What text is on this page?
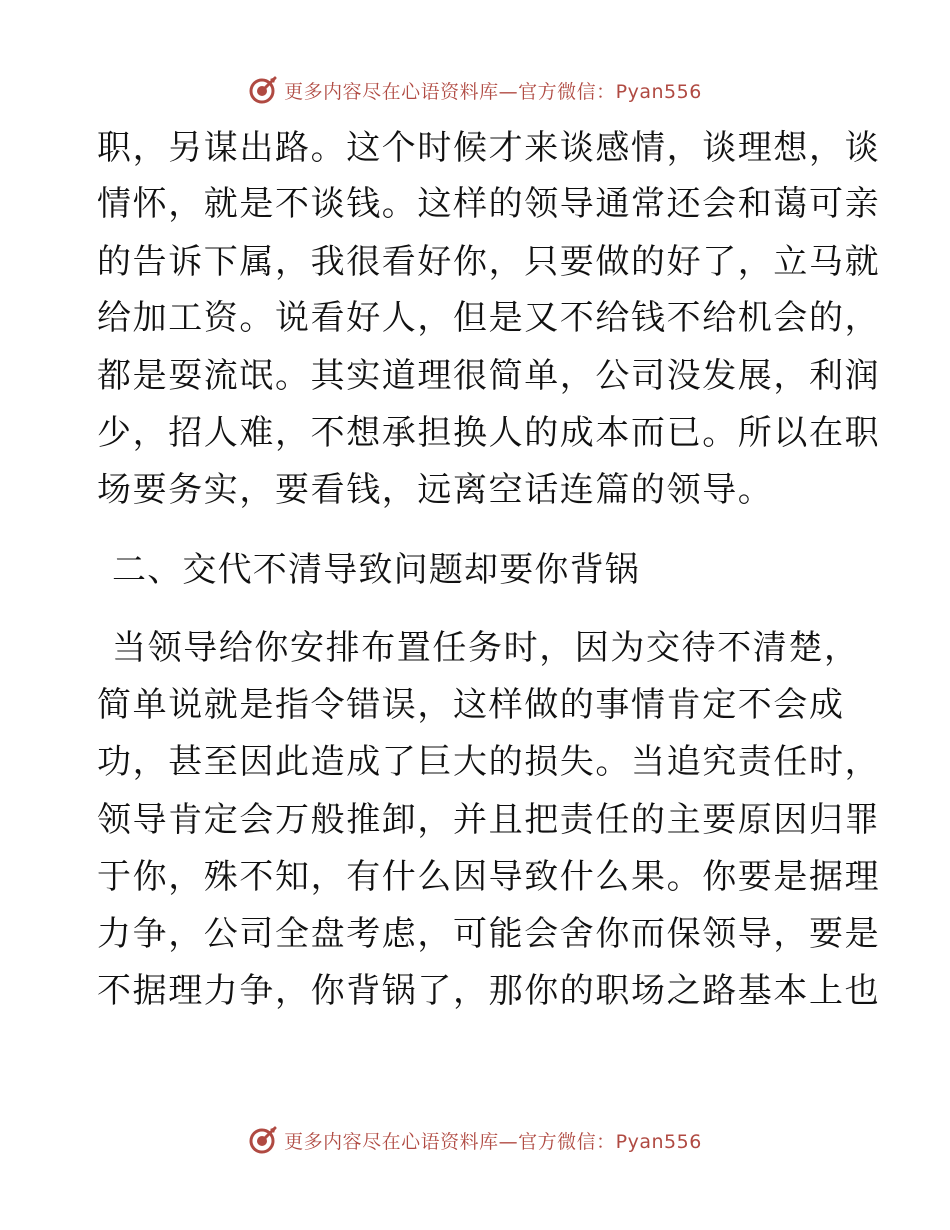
更多内容尽在心语资料库—官方微信：Pyan556
职，另谋出路。这个时候才来谈感情，谈理想，谈
情怀，就是不谈钱。这样的领导通常还会和蔼可亲
的告诉下属，我很看好你，只要做的好了，立马就
给加工资。说看好人，但是又不给钱不给机会的，
都是耍流氓。其实道理很简单，公司没发展，利润
少，招人难，不想承担换人的成本而已。所以在职
场要务实，要看钱，远离空话连篇的领导。
二、交代不清导致问题却要你背锅
当领导给你安排布置任务时，因为交待不清楚，
简单说就是指令错误，这样做的事情肯定不会成
功，甚至因此造成了巨大的损失。当追究责任时，
领导肯定会万般推卸，并且把责任的主要原因归罪
于你，殊不知，有什么因导致什么果。你要是据理
力争，公司全盘考虑，可能会舍你而保领导，要是
不据理力争，你背锅了，那你的职场之路基本上也
更多内容尽在心语资料库—官方微信：Pyan556
